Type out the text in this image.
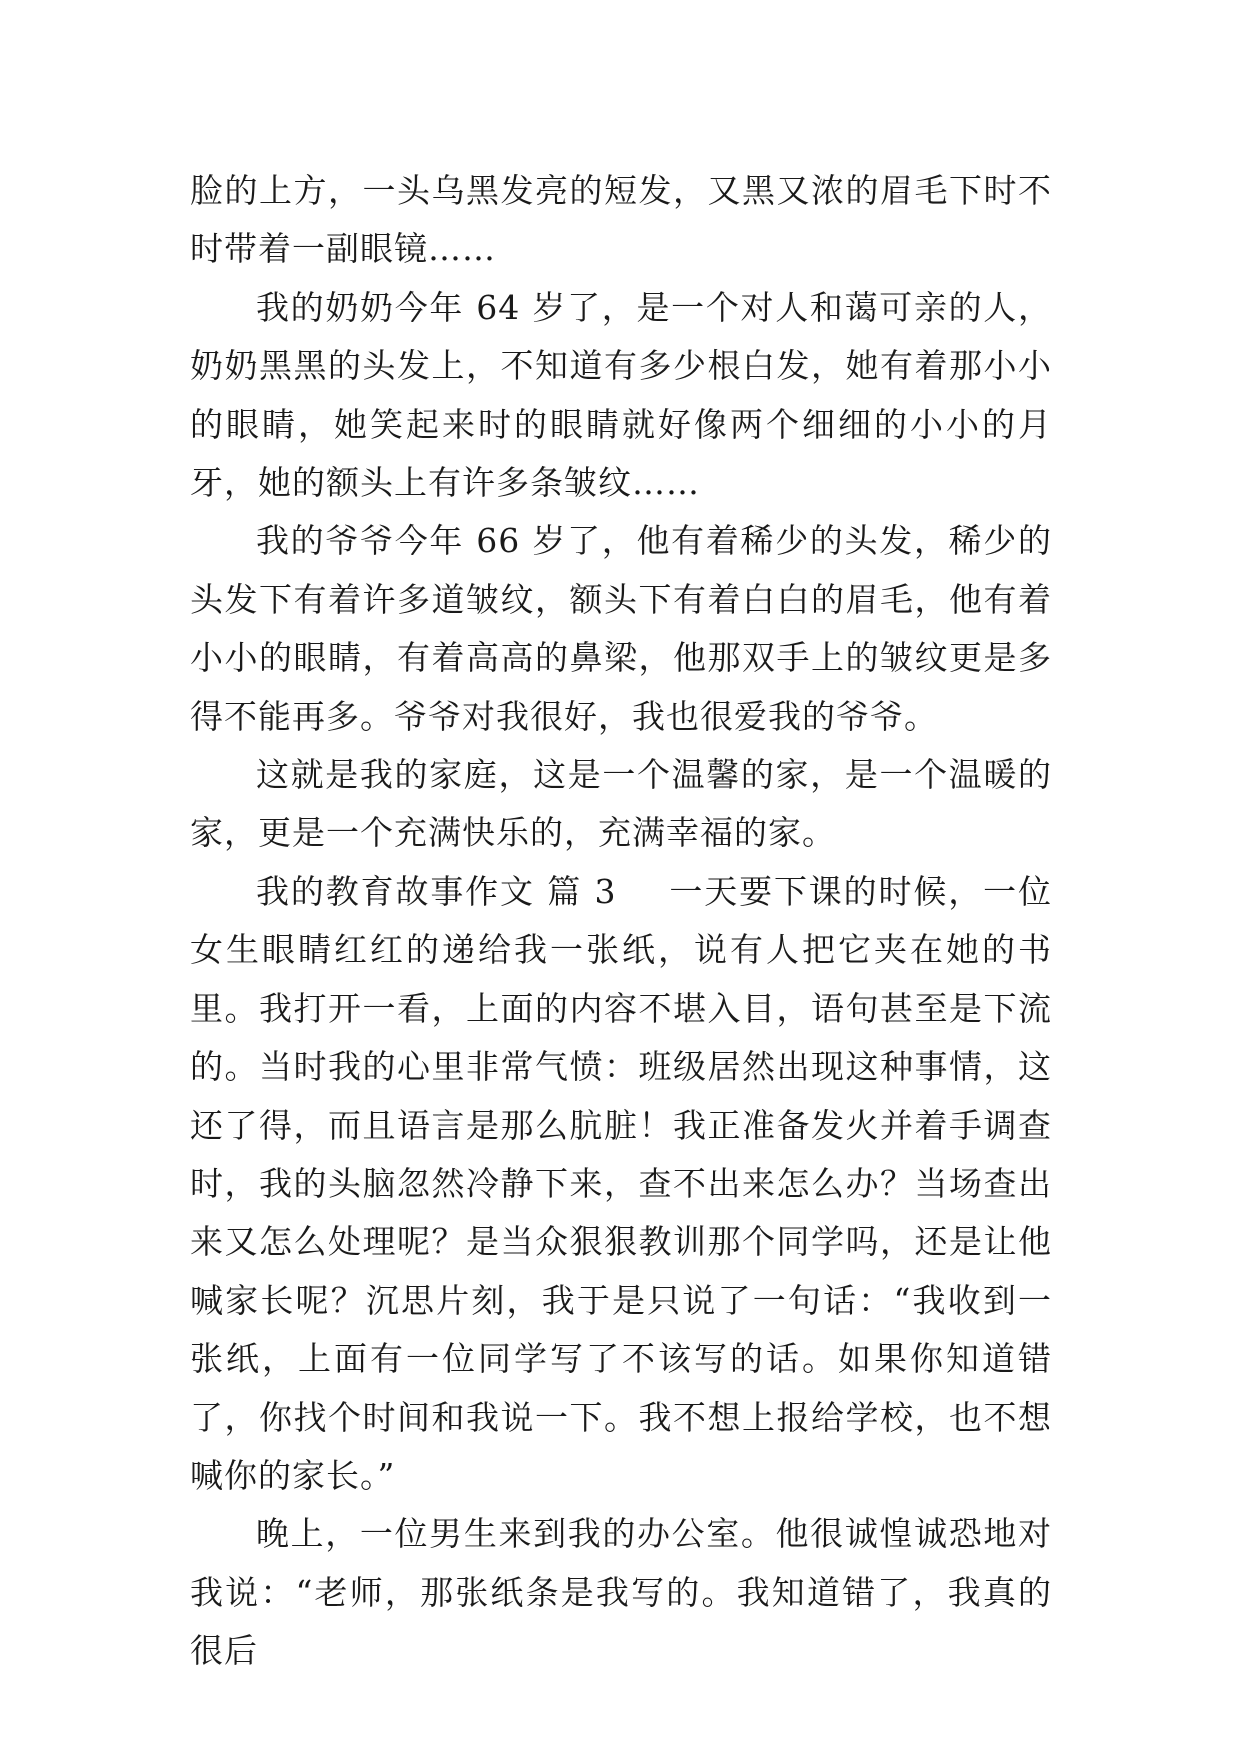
脸的上方，一头乌黑发亮的短发，又黑又浓的眉毛下时不时带着一副眼镜……

我的奶奶今年 64 岁了，是一个对人和蔼可亲的人，奶奶黑黑的头发上，不知道有多少根白发，她有着那小小的眼睛，她笑起来时的眼睛就好像两个细细的小小的月牙，她的额头上有许多条皱纹……

我的爷爷今年 66 岁了，他有着稀少的头发，稀少的头发下有着许多道皱纹，额头下有着白白的眉毛，他有着小小的眼睛，有着高高的鼻梁，他那双手上的皱纹更是多得不能再多。爷爷对我很好，我也很爱我的爷爷。

这就是我的家庭，这是一个温馨的家，是一个温暖的家，更是一个充满快乐的，充满幸福的家。

我的教育故事作文 篇 3 一天要下课的时候，一位女生眼睛红红的递给我一张纸，说有人把它夹在她的书里。我打开一看，上面的内容不堪入目，语句甚至是下流的。当时我的心里非常气愤：班级居然出现这种事情，这还了得，而且语言是那么肮脏！我正准备发火并着手调查时，我的头脑忽然冷静下来，查不出来怎么办？当场查出来又怎么处理呢？是当众狠狠教训那个同学吗，还是让他喊家长呢？沉思片刻，我于是只说了一句话：“我收到一张纸，上面有一位同学写了不该写的话。如果你知道错了，你找个时间和我说一下。我不想上报给学校，也不想喊你的家长。”

晚上，一位男生来到我的办公室。他很诚惶诚恐地对我说：“老师，那张纸条是我写的。我知道错了，我真的很后
